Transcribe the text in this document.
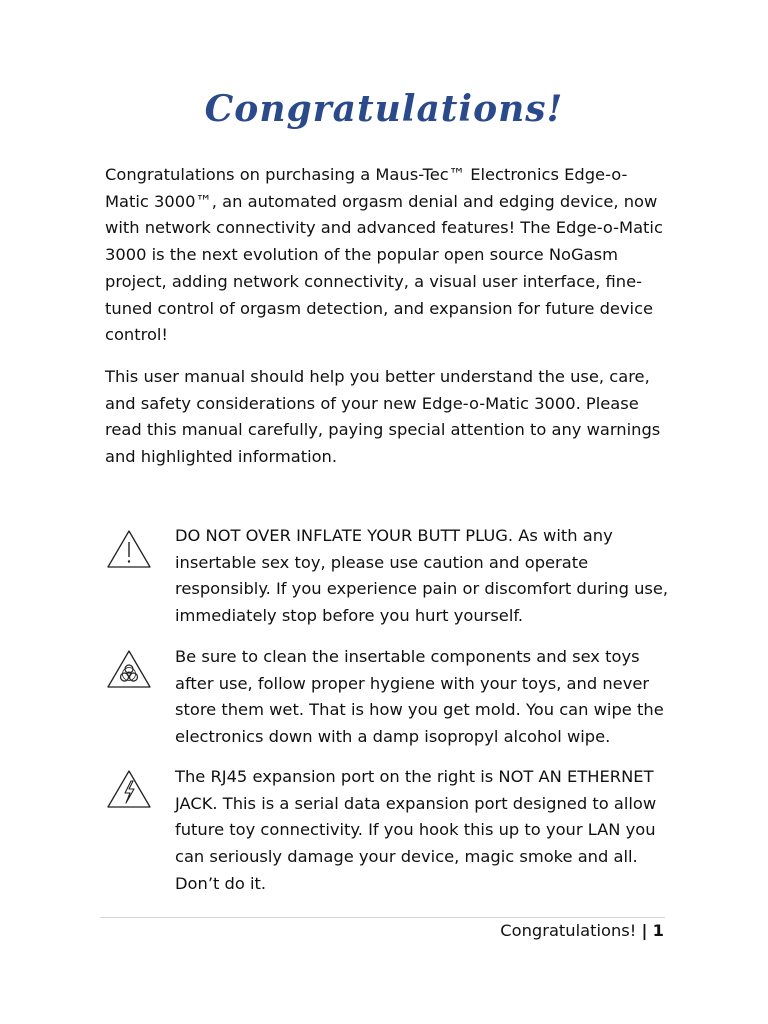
Congratulations!

Congratulations on purchasing a Maus-Tec™ Electronics Edge-o-Matic 3000™, an automated orgasm denial and edging device, now with network connectivity and advanced features! The Edge-o-Matic 3000 is the next evolution of the popular open source NoGasm project, adding network connectivity, a visual user interface, fine-tuned control of orgasm detection, and expansion for future device control!

This user manual should help you better understand the use, care, and safety considerations of your new Edge-o-Matic 3000. Please read this manual carefully, paying special attention to any warnings and highlighted information.

DO NOT OVER INFLATE YOUR BUTT PLUG. As with any insertable sex toy, please use caution and operate responsibly. If you experience pain or discomfort during use, immediately stop before you hurt yourself.

Be sure to clean the insertable components and sex toys after use, follow proper hygiene with your toys, and never store them wet. That is how you get mold. You can wipe the electronics down with a damp isopropyl alcohol wipe.

The RJ45 expansion port on the right is NOT AN ETHERNET JACK. This is a serial data expansion port designed to allow future toy connectivity. If you hook this up to your LAN you can seriously damage your device, magic smoke and all. Don’t do it.

Congratulations! | 1
